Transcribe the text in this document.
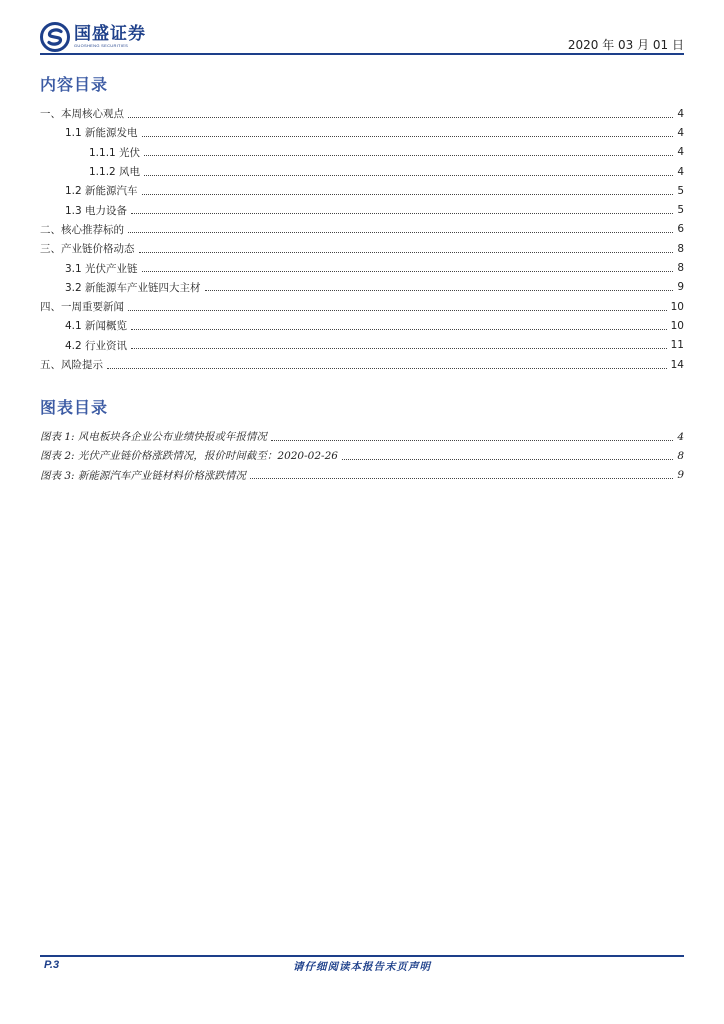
国盛证券
GUOSHENG SECURITIES	2020 年 03 月 01 日
内容目录
一、本周核心观点	4
1.1 新能源发电	4
1.1.1 光伏	4
1.1.2 风电	4
1.2 新能源汽车	5
1.3 电力设备	5
二、核心推荐标的	6
三、产业链价格动态	8
3.1 光伏产业链	8
3.2 新能源车产业链四大主材	9
四、一周重要新闻	10
4.1 新闻概览	10
4.2 行业资讯	11
五、风险提示	14
图表目录
图表 1: 风电板块各企业公布业绩快报或年报情况	4
图表 2: 光伏产业链价格涨跌情况，报价时间截至：2020-02-26	8
图表 3: 新能源汽车产业链材料价格涨跌情况	9
P.3	请仔细阅读本报告末页声明
